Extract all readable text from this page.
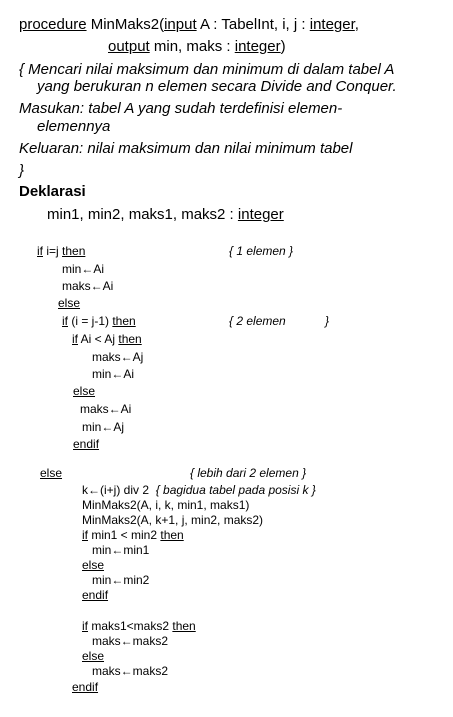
procedure MinMaks2(input A : TabelInt, i, j : integer,
output min, maks : integer)
{ Mencari nilai maksimum dan minimum di dalam tabel A
yang berukuran n elemen secara Divide and Conquer.
Masukan: tabel A yang sudah terdefinisi elemen-
elemennya
Keluaran: nilai maksimum dan nilai minimum tabel
}
Deklarasi
min1, min2, maks1, maks2 : integer
if i=j then	{ 1 elemen }
min←Ai
maks←Ai
else
if (i = j-1) then	{ 2 elemen	}
if Ai < Aj then
maks←Aj
min←Ai
else
maks←Ai
min←Aj
endif
else	{ lebih dari 2 elemen }
k←(i+j) div 2  { bagidua tabel pada posisi k }
MinMaks2(A, i, k, min1, maks1)
MinMaks2(A, k+1, j, min2, maks2)
if min1 < min2 then
min←min1
else
min←min2
endif
if maks1<maks2 then
maks←maks2
else
maks←maks2
endif
